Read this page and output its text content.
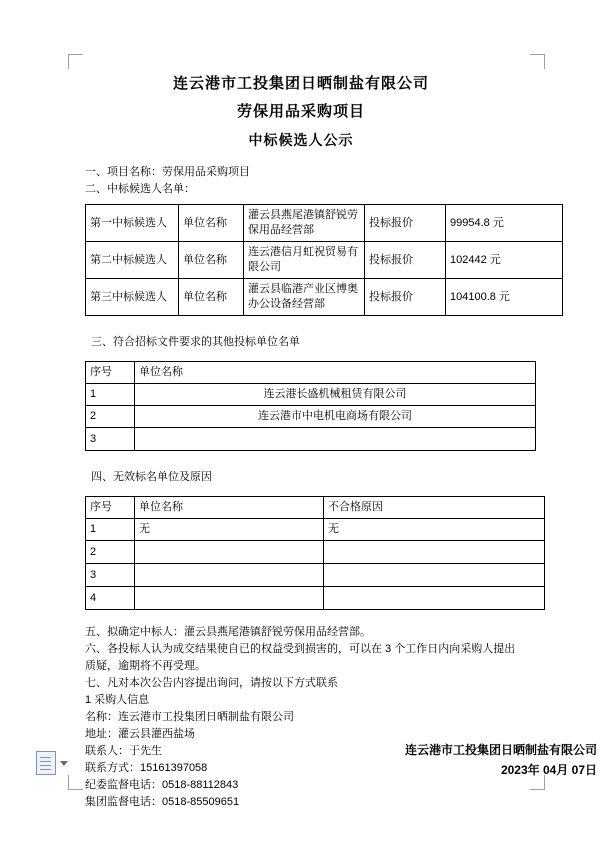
连云港市工投集团日晒制盐有限公司
劳保用品采购项目
中标候选人公示

一、项目名称：劳保用品采购项目

二、中标候选人名单：

第一中标候选人	单位名称	灌云县燕尾港镇舒锐劳保用品经营部	投标报价	99954.8 元
第二中标候选人	单位名称	连云港信月虹祝贸易有限公司	投标报价	102442 元
第三中标候选人	单位名称	灌云县临港产业区博奥办公设备经营部	投标报价	104100.8 元

三、符合招标文件要求的其他投标单位名单

序号	单位名称
1	连云港长盛机械租赁有限公司
2	连云港市中电机电商场有限公司
3	

四、无效标名单位及原因

序号	单位名称	不合格原因
1	无	无
2		
3		
4		

五、拟确定中标人：灌云县燕尾港镇舒锐劳保用品经营部。

六、各投标人认为成交结果使自已的权益受到损害的，可以在 3 个工作日内向采购人提出质疑，逾期将不再受理。

七、凡对本次公告内容提出询问，请按以下方式联系

1 采购人信息

名称：连云港市工投集团日晒制盐有限公司

地址：灌云县灌西盐场

联系人：于先生

联系方式：15161397058

纪委监督电话：0518-88112843

集团监督电话：0518-85509651

连云港市工投集团日晒制盐有限公司
2023年 04月 07日
